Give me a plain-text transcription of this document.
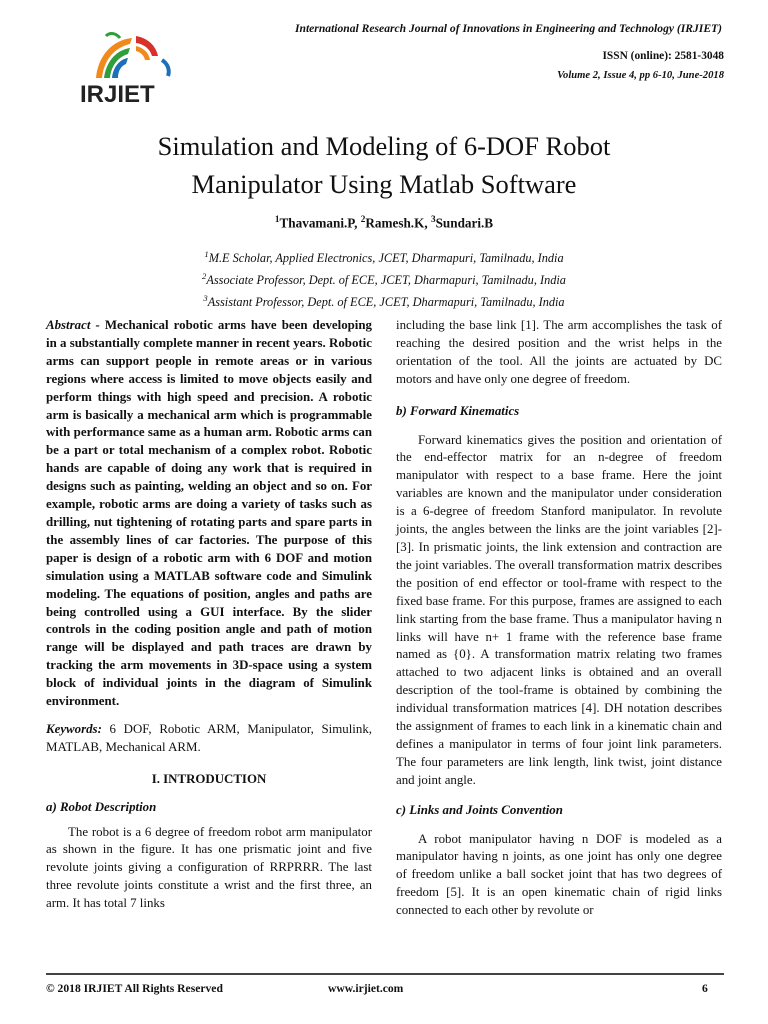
IRJIET
International Research Journal of Innovations in Engineering and Technology (IRJIET)
ISSN (online): 2581-3048
Volume 2, Issue 4, pp 6-10, June-2018
Simulation and Modeling of 6-DOF Robot
Manipulator Using Matlab Software
$^1$Thavamani.P, $^2$Ramesh.K, $^3$Sundari.B
$^1$M.E Scholar, Applied Electronics, JCET, Dharmapuri, Tamilnadu, India
$^2$Associate Professor, Dept. of ECE, JCET, Dharmapuri, Tamilnadu, India
$^3$Assistant Professor, Dept. of ECE, JCET, Dharmapuri, Tamilnadu, India

Abstract - Mechanical robotic arms have been developing in a substantially complete manner in recent years. Robotic arms can support people in remote areas or in various regions where access is limited to move objects easily and perform things with high speed and precision. A robotic arm is basically a mechanical arm which is programmable with performance same as a human arm. Robotic arms can be a part or total mechanism of a complex robot. Robotic hands are capable of doing any work that is required in designs such as painting, welding an object and so on. For example, robotic arms are doing a variety of tasks such as drilling, nut tightening of rotating parts and spare parts in the assembly lines of car factories. The purpose of this paper is design of a robotic arm with 6 DOF and motion simulation using a MATLAB software code and Simulink modeling. The equations of position, angles and paths are being controlled using a GUI interface. By the slider controls in the coding position angle and path of motion range will be displayed and path traces are drawn by tracking the arm movements in 3D-space using a system block of individual joints in the diagram of Simulink environment.

Keywords: 6 DOF, Robotic ARM, Manipulator, Simulink, MATLAB, Mechanical ARM.

I. INTRODUCTION

a) Robot Description

The robot is a 6 degree of freedom robot arm manipulator as shown in the figure. It has one prismatic joint and five revolute joints giving a configuration of RRPRRR. The last three revolute joints constitute a wrist and the first three, an arm. It has total 7 links

including the base link [1]. The arm accomplishes the task of reaching the desired position and the wrist helps in the orientation of the tool. All the joints are actuated by DC motors and have only one degree of freedom.

b) Forward Kinematics

Forward kinematics gives the position and orientation of the end-effector matrix for an n-degree of freedom manipulator with respect to a base frame. Here the joint variables are known and the manipulator under consideration is a 6-degree of freedom Stanford manipulator. In revolute joints, the angles between the links are the joint variables [2]-[3]. In prismatic joints, the link extension and contraction are the joint variables. The overall transformation matrix describes the position of end effector or tool-frame with respect to the fixed base frame. For this purpose, frames are assigned to each link starting from the base frame. Thus a manipulator having n links will have n+ 1 frame with the reference base frame named as {0}. A transformation matrix relating two frames attached to two adjacent links is obtained and an overall description of the tool-frame is obtained by combining the individual transformation matrices [4]. DH notation describes the assignment of frames to each link in a kinematic chain and defines a manipulator in terms of four joint link parameters. The four parameters are link length, link twist, joint distance and joint angle.

c) Links and Joints Convention

A robot manipulator having n DOF is modeled as a manipulator having n joints, as one joint has only one degree of freedom unlike a ball socket joint that has two degrees of freedom [5]. It is an open kinematic chain of rigid links connected to each other by revolute or

© 2018 IRJIET All Rights Reserved	www.irjiet.com	6
